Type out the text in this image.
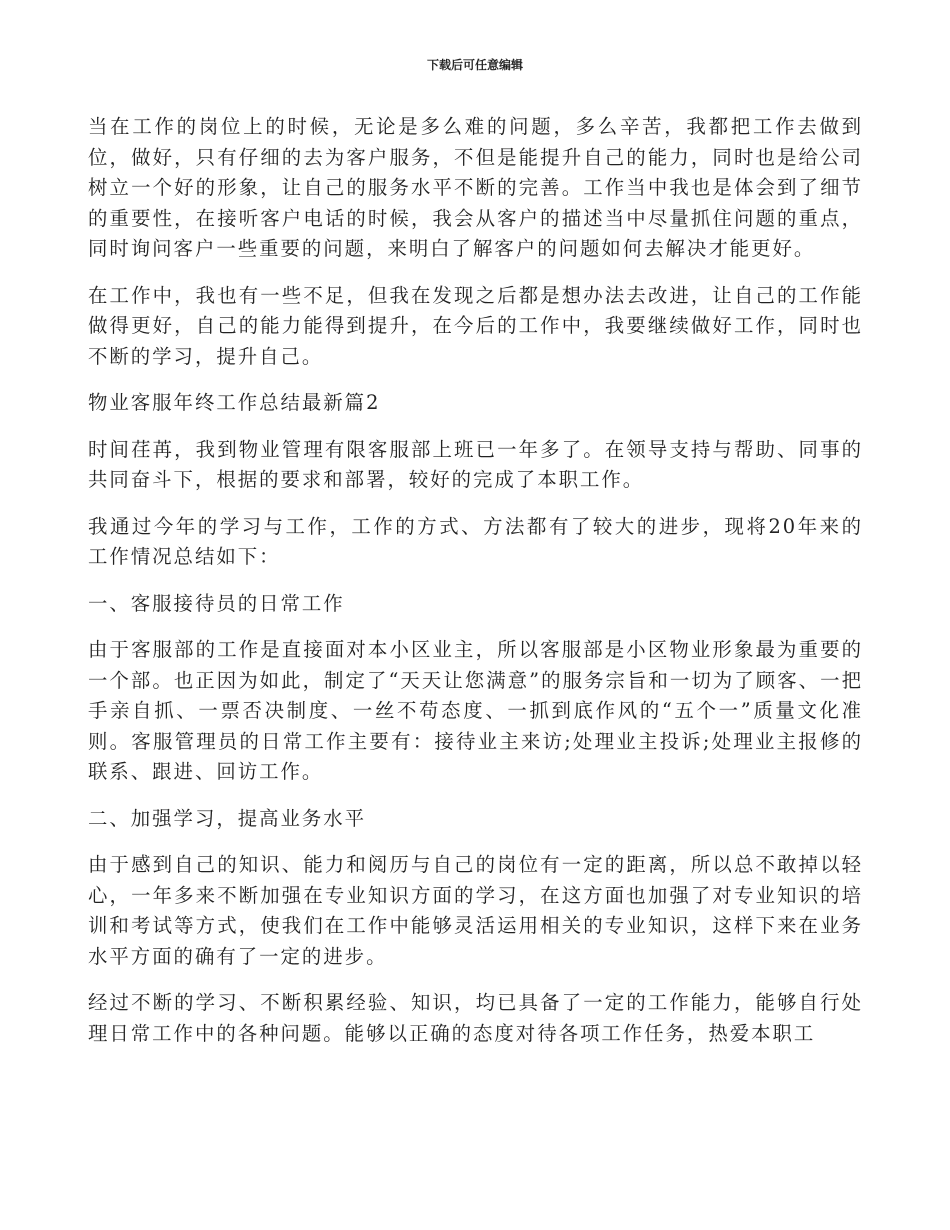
下载后可任意编辑

当在工作的岗位上的时候，无论是多么难的问题，多么辛苦，我都把工作去做到位，做好，只有仔细的去为客户服务，不但是能提升自己的能力，同时也是给公司树立一个好的形象，让自己的服务水平不断的完善。工作当中我也是体会到了细节的重要性，在接听客户电话的时候，我会从客户的描述当中尽量抓住问题的重点，同时询问客户一些重要的问题，来明白了解客户的问题如何去解决才能更好。

在工作中，我也有一些不足，但我在发现之后都是想办法去改进，让自己的工作能做得更好，自己的能力能得到提升，在今后的工作中，我要继续做好工作，同时也不断的学习，提升自己。

物业客服年终工作总结最新篇2

时间荏苒，我到物业管理有限客服部上班已一年多了。在领导支持与帮助、同事的共同奋斗下，根据的要求和部署，较好的完成了本职工作。

我通过今年的学习与工作，工作的方式、方法都有了较大的进步，现将20年来的工作情况总结如下：

一、客服接待员的日常工作

由于客服部的工作是直接面对本小区业主，所以客服部是小区物业形象最为重要的一个部。也正因为如此，制定了“天天让您满意”的服务宗旨和一切为了顾客、一把手亲自抓、一票否决制度、一丝不苟态度、一抓到底作风的“五个一”质量文化准则。客服管理员的日常工作主要有：接待业主来访;处理业主投诉;处理业主报修的联系、跟进、回访工作。

二、加强学习，提高业务水平

由于感到自己的知识、能力和阅历与自己的岗位有一定的距离，所以总不敢掉以轻心，一年多来不断加强在专业知识方面的学习，在这方面也加强了对专业知识的培训和考试等方式，使我们在工作中能够灵活运用相关的专业知识，这样下来在业务水平方面的确有了一定的进步。

经过不断的学习、不断积累经验、知识，均已具备了一定的工作能力，能够自行处理日常工作中的各种问题。能够以正确的态度对待各项工作任务，热爱本职工
